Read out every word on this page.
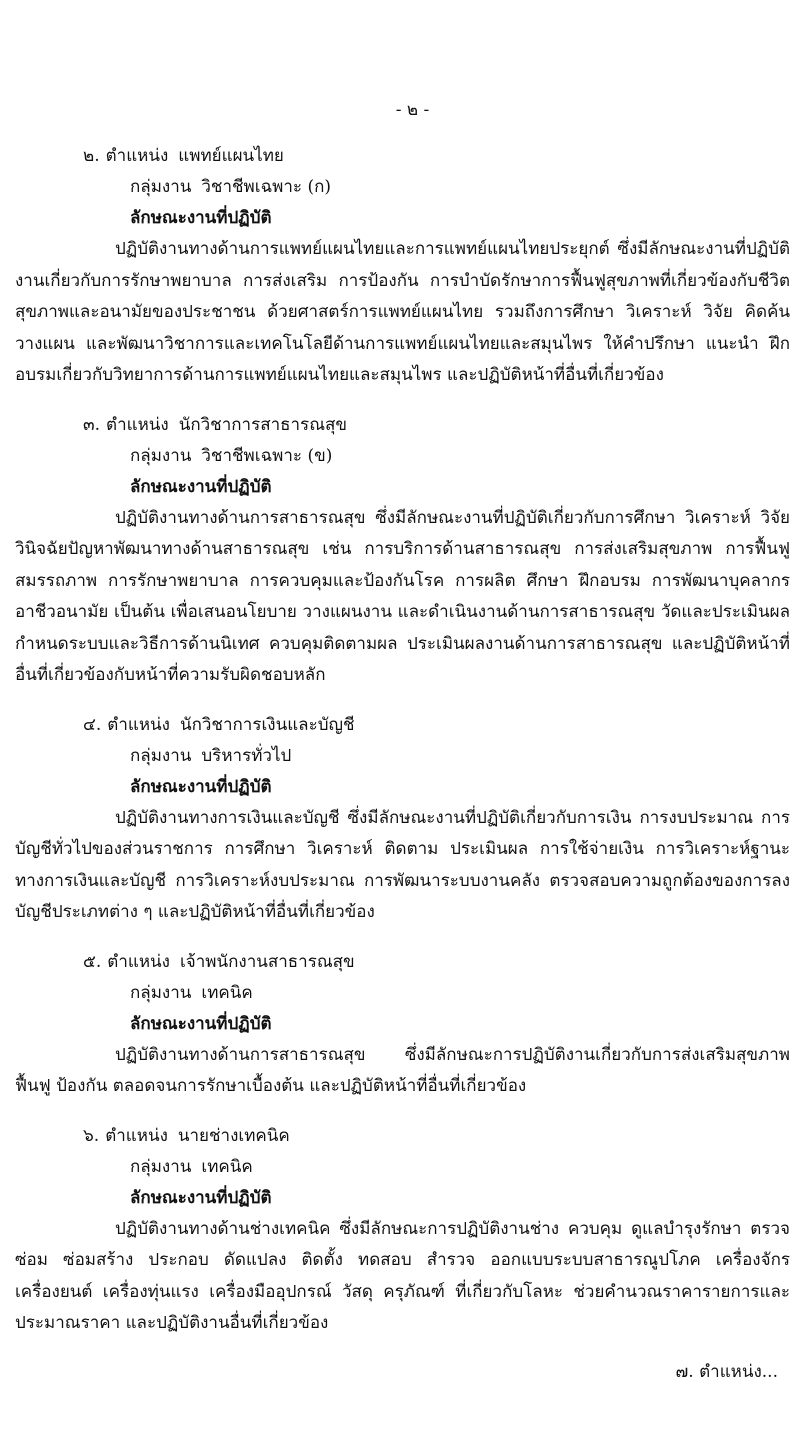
- ๒ -
๒. ตำแหน่ง แพทย์แผนไทย
กลุ่มงาน วิชาชีพเฉพาะ (ก)
ลักษณะงานที่ปฏิบัติ
ปฏิบัติงานทางด้านการแพทย์แผนไทยและการแพทย์แผนไทยประยุกต์ ซึ่งมีลักษณะงานที่ปฏิบัติงานเกี่ยวกับการรักษาพยาบาล การส่งเสริม การป้องกัน การบำบัดรักษาการฟื้นฟูสุขภาพที่เกี่ยวข้องกับชีวิตสุขภาพและอนามัยของประชาชน ด้วยศาสตร์การแพทย์แผนไทย รวมถึงการศึกษา วิเคราะห์ วิจัย คิดค้นวางแผน และพัฒนาวิชาการและเทคโนโลยีด้านการแพทย์แผนไทยและสมุนไพร ให้คำปรึกษา แนะนำ ฝึกอบรมเกี่ยวกับวิทยาการด้านการแพทย์แผนไทยและสมุนไพร และปฏิบัติหน้าที่อื่นที่เกี่ยวข้อง
๓. ตำแหน่ง นักวิชาการสาธารณสุข
กลุ่มงาน วิชาชีพเฉพาะ (ข)
ลักษณะงานที่ปฏิบัติ
ปฏิบัติงานทางด้านการสาธารณสุข ซึ่งมีลักษณะงานที่ปฏิบัติเกี่ยวกับการศึกษา วิเคราะห์ วิจัย วินิจฉัยปัญหาพัฒนาทางด้านสาธารณสุข เช่น การบริการด้านสาธารณสุข การส่งเสริมสุขภาพ การฟื้นฟูสมรรถภาพ การรักษาพยาบาล การควบคุมและป้องกันโรค การผลิต ศึกษา ฝึกอบรม การพัฒนาบุคลากร อาชีวอนามัย เป็นต้น เพื่อเสนอนโยบาย วางแผนงาน และดำเนินงานด้านการสาธารณสุข วัดและประเมินผล กำหนดระบบและวิธีการด้านนิเทศ ควบคุมติดตามผล ประเมินผลงานด้านการสาธารณสุข และปฏิบัติหน้าที่อื่นที่เกี่ยวข้องกับหน้าที่ความรับผิดชอบหลัก
๔. ตำแหน่ง นักวิชาการเงินและบัญชี
กลุ่มงาน บริหารทั่วไป
ลักษณะงานที่ปฏิบัติ
ปฏิบัติงานทางการเงินและบัญชี ซึ่งมีลักษณะงานที่ปฏิบัติเกี่ยวกับการเงิน การงบประมาณ การบัญชีทั่วไปของส่วนราชการ การศึกษา วิเคราะห์ ติดตาม ประเมินผล การใช้จ่ายเงิน การวิเคราะห์ฐานะทางการเงินและบัญชี การวิเคราะห์งบประมาณ การพัฒนาระบบงานคลัง ตรวจสอบความถูกต้องของการลงบัญชีประเภทต่าง ๆ และปฏิบัติหน้าที่อื่นที่เกี่ยวข้อง
๕. ตำแหน่ง เจ้าพนักงานสาธารณสุข
กลุ่มงาน เทคนิค
ลักษณะงานที่ปฏิบัติ
ปฏิบัติงานทางด้านการสาธารณสุข ซึ่งมีลักษณะการปฏิบัติงานเกี่ยวกับการส่งเสริมสุขภาพ ฟื้นฟู ป้องกัน ตลอดจนการรักษาเบื้องต้น และปฏิบัติหน้าที่อื่นที่เกี่ยวข้อง
๖. ตำแหน่ง นายช่างเทคนิค
กลุ่มงาน เทคนิค
ลักษณะงานที่ปฏิบัติ
ปฏิบัติงานทางด้านช่างเทคนิค ซึ่งมีลักษณะการปฏิบัติงานช่าง ควบคุม ดูแลบำรุงรักษา ตรวจซ่อม ซ่อมสร้าง ประกอบ ดัดแปลง ติดตั้ง ทดสอบ สำรวจ ออกแบบระบบสาธารณูปโภค เครื่องจักร เครื่องยนต์ เครื่องทุ่นแรง เครื่องมืออุปกรณ์ วัสดุ ครุภัณฑ์ ที่เกี่ยวกับโลหะ ช่วยคำนวณราคารายการและประมาณราคา และปฏิบัติงานอื่นที่เกี่ยวข้อง
๗. ตำแหน่ง...
